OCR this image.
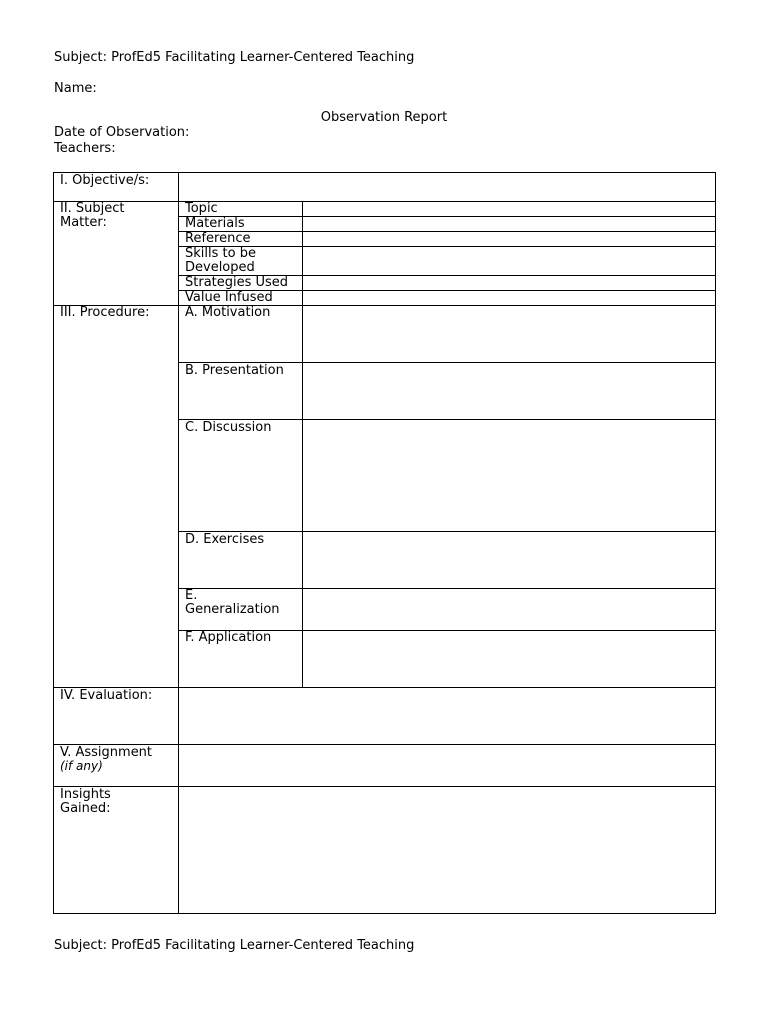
Subject: ProfEd5 Facilitating Learner-Centered Teaching
Name:
Observation Report
Date of Observation:
Teachers:
I. Objective/s:		

II. Subject Matter:	Topic	
	Materials	
	Reference	

	Skills to be Developed	

	Strategies Used	
	Value Infused	
III. Procedure:	A. Motivation	
	B. Presentation	
	C. Discussion	
	D. Exercises	

	E. Generalization	

	F. Application	
IV. Evaluation:		

V. Assignment
(if any)		

Insights Gained:		

Subject: ProfEd5 Facilitating Learner-Centered Teaching
